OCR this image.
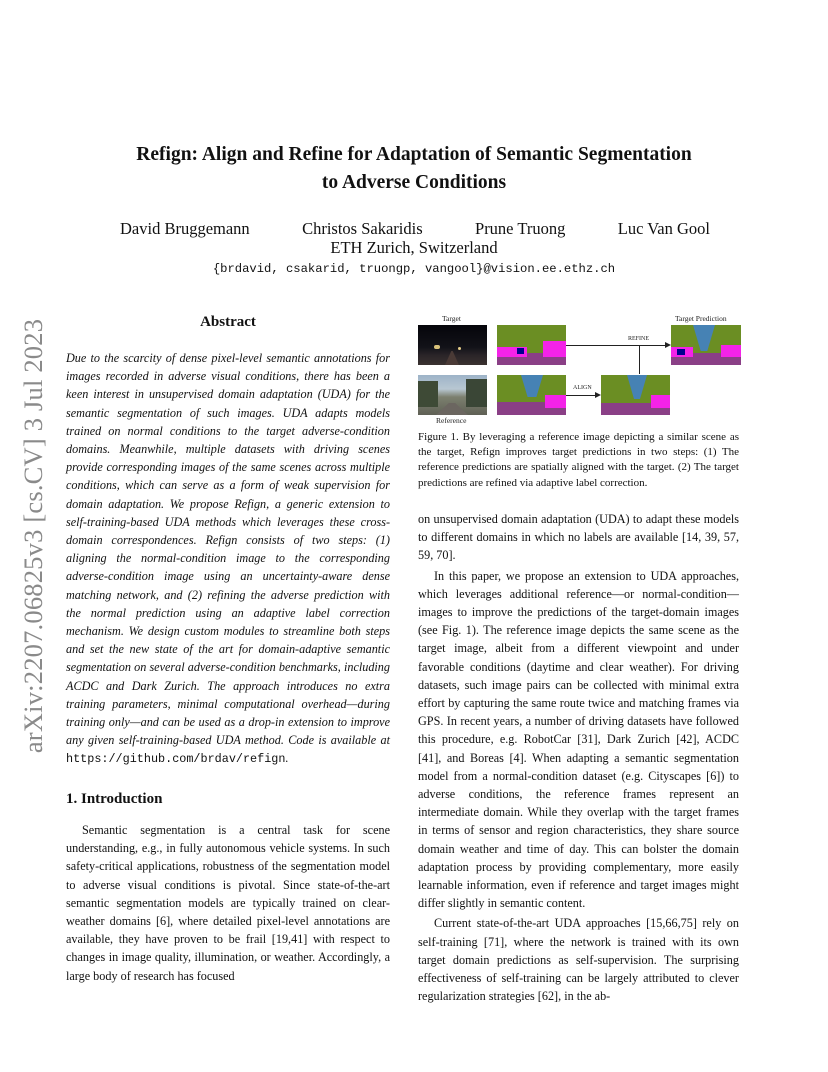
Refign: Align and Refine for Adaptation of Semantic Segmentation
to Adverse Conditions
David Bruggemann	Christos Sakaridis	Prune Truong	Luc Van Gool
ETH Zurich, Switzerland
{brdavid, csakarid, truongp, vangool}@vision.ee.ethz.ch
arXiv:2207.06825v3 [cs.CV] 3 Jul 2023	Abstract
Due to the scarcity of dense pixel-level semantic annotations for images recorded in adverse visual conditions, there has been a keen interest in unsupervised domain adaptation (UDA) for the semantic segmentation of such images. UDA adapts models trained on normal conditions to the target adverse-condition domains. Meanwhile, multiple datasets with driving scenes provide corresponding images of the same scenes across multiple conditions, which can serve as a form of weak supervision for domain adaptation. We propose Refign, a generic extension to self-training-based UDA methods which leverages these cross-domain correspondences. Refign consists of two steps: (1) aligning the normal-condition image to the corresponding adverse-condition image using an uncertainty-aware dense matching network, and (2) refining the adverse prediction with the normal prediction using an adaptive label correction mechanism. We design custom modules to streamline both steps and set the new state of the art for domain-adaptive semantic segmentation on several adverse-condition benchmarks, including ACDC and Dark Zurich. The approach introduces no extra training parameters, minimal computational overhead—during training only—and can be used as a drop-in extension to improve any given self-training-based UDA method. Code is available at https://github.com/brdav/refign.
1. Introduction

Semantic segmentation is a central task for scene understanding, e.g., in fully autonomous vehicle systems. In such safety-critical applications, robustness of the segmentation model to adverse visual conditions is pivotal. Since state-of-the-art semantic segmentation models are typically trained on clear-weather domains [6], where detailed pixel-level annotations are available, they have proven to be frail [19,41] with respect to changes in image quality, illumination, or weather. Accordingly, a large body of research has focused

Target	Target Prediction
REFINE
Reference
ALIGN
Figure 1. By leveraging a reference image depicting a similar scene as the target, Refign improves target predictions in two steps: (1) The reference predictions are spatially aligned with the target. (2) The target predictions are refined via adaptive label correction.

on unsupervised domain adaptation (UDA) to adapt these models to different domains in which no labels are available [14, 39, 57, 59, 70].

In this paper, we propose an extension to UDA approaches, which leverages additional reference—or normal-condition—images to improve the predictions of the target-domain images (see Fig. 1). The reference image depicts the same scene as the target image, albeit from a different viewpoint and under favorable conditions (daytime and clear weather). For driving datasets, such image pairs can be collected with minimal extra effort by capturing the same route twice and matching frames via GPS. In recent years, a number of driving datasets have followed this procedure, e.g. RobotCar [31], Dark Zurich [42], ACDC [41], and Boreas [4]. When adapting a semantic segmentation model from a normal-condition dataset (e.g. Cityscapes [6]) to adverse conditions, the reference frames represent an intermediate domain. While they overlap with the target frames in terms of sensor and region characteristics, they share source domain weather and time of day. This can bolster the domain adaptation process by providing complementary, more easily learnable information, even if reference and target images might differ slightly in semantic content.

Current state-of-the-art UDA approaches [15,66,75] rely on self-training [71], where the network is trained with its own target domain predictions as self-supervision. The surprising effectiveness of self-training can be largely attributed to clever regularization strategies [62], in the ab-
